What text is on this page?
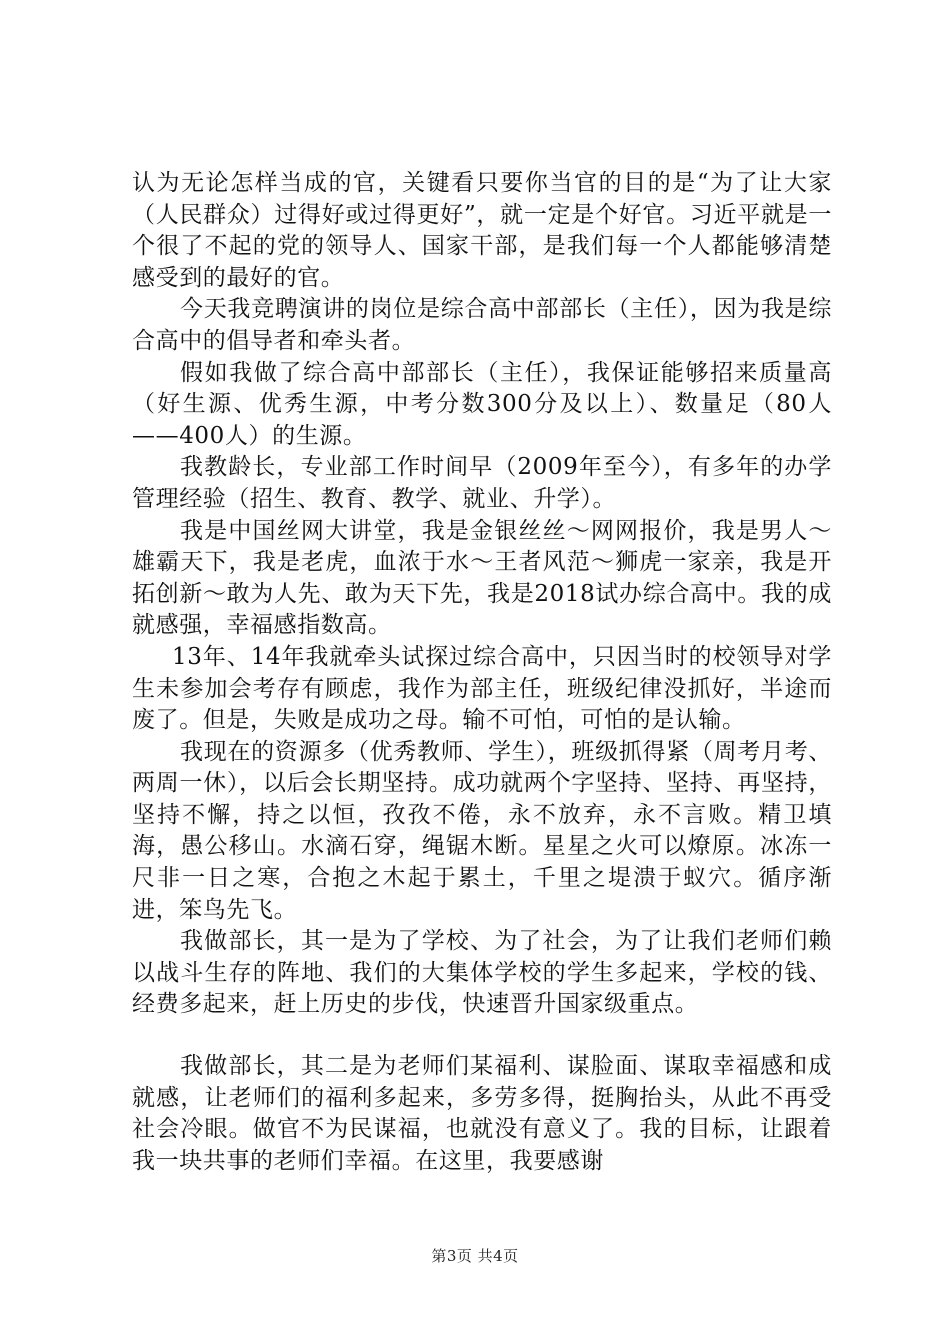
认为无论怎样当成的官，关键看只要你当官的目的是“为了让大家（人民群众）过得好或过得更好”，就一定是个好官。习近平就是一个很了不起的党的领导人、国家干部，是我们每一个人都能够清楚感受到的最好的官。

今天我竞聘演讲的岗位是综合高中部部长（主任），因为我是综合高中的倡导者和牵头者。

假如我做了综合高中部部长（主任），我保证能够招来质量高（好生源、优秀生源，中考分数300分及以上）、数量足（80人——400人）的生源。

我教龄长，专业部工作时间早（2009年至今），有多年的办学管理经验（招生、教育、教学、就业、升学）。

我是中国丝网大讲堂，我是金银丝丝～网网报价，我是男人～雄霸天下，我是老虎，血浓于水～王者风范～狮虎一家亲，我是开拓创新～敢为人先、敢为天下先，我是2018试办综合高中。我的成就感强，幸福感指数高。

13年、14年我就牵头试探过综合高中，只因当时的校领导对学生未参加会考存有顾虑，我作为部主任，班级纪律没抓好，半途而废了。但是，失败是成功之母。输不可怕，可怕的是认输。

我现在的资源多（优秀教师、学生），班级抓得紧（周考月考、两周一休），以后会长期坚持。成功就两个字坚持、坚持、再坚持，坚持不懈，持之以恒，孜孜不倦，永不放弃，永不言败。精卫填海，愚公移山。水滴石穿，绳锯木断。星星之火可以燎原。冰冻一尺非一日之寒，合抱之木起于累土，千里之堤溃于蚁穴。循序渐进，笨鸟先飞。

我做部长，其一是为了学校、为了社会，为了让我们老师们赖以战斗生存的阵地、我们的大集体学校的学生多起来，学校的钱、经费多起来，赶上历史的步伐，快速晋升国家级重点。

我做部长，其二是为老师们某福利、谋脸面、谋取幸福感和成就感，让老师们的福利多起来，多劳多得，挺胸抬头，从此不再受社会冷眼。做官不为民谋福，也就没有意义了。我的目标，让跟着我一块共事的老师们幸福。在这里，我要感谢

第3页 共4页
